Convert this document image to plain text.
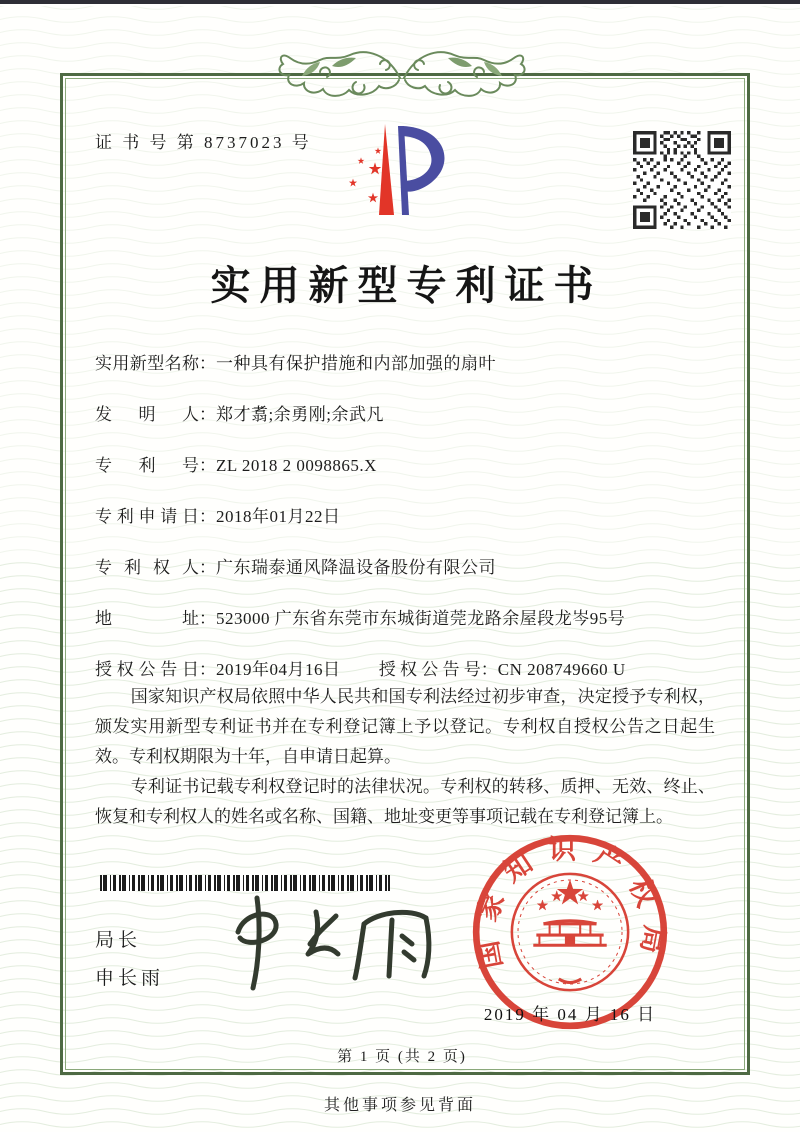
证 书 号 第 8737023 号
实用新型专利证书
实用新型名称：一种具有保护措施和内部加强的扇叶
发明人：郑才翥;余勇刚;余武凡
专利号：ZL 2018 2 0098865.X
专利申请日：2018年01月22日
专利权人：广东瑞泰通风降温设备股份有限公司
地址：523000 广东省东莞市东城街道莞龙路余屋段龙岑95号
授权公告日：2019年04月16日 授权公告号：CN 208749660 U

国家知识产权局依照中华人民共和国专利法经过初步审查，决定授予专利权，颁发实用新型专利证书并在专利登记簿上予以登记。专利权自授权公告之日起生效。专利权期限为十年，自申请日起算。

专利证书记载专利权登记时的法律状况。专利权的转移、质押、无效、终止、恢复和专利权人的姓名或名称、国籍、地址变更等事项记载在专利登记簿上。

局长
申长雨
国家知识产权局
2019 年 04 月 16 日
第 1 页 (共 2 页)
其他事项参见背面
